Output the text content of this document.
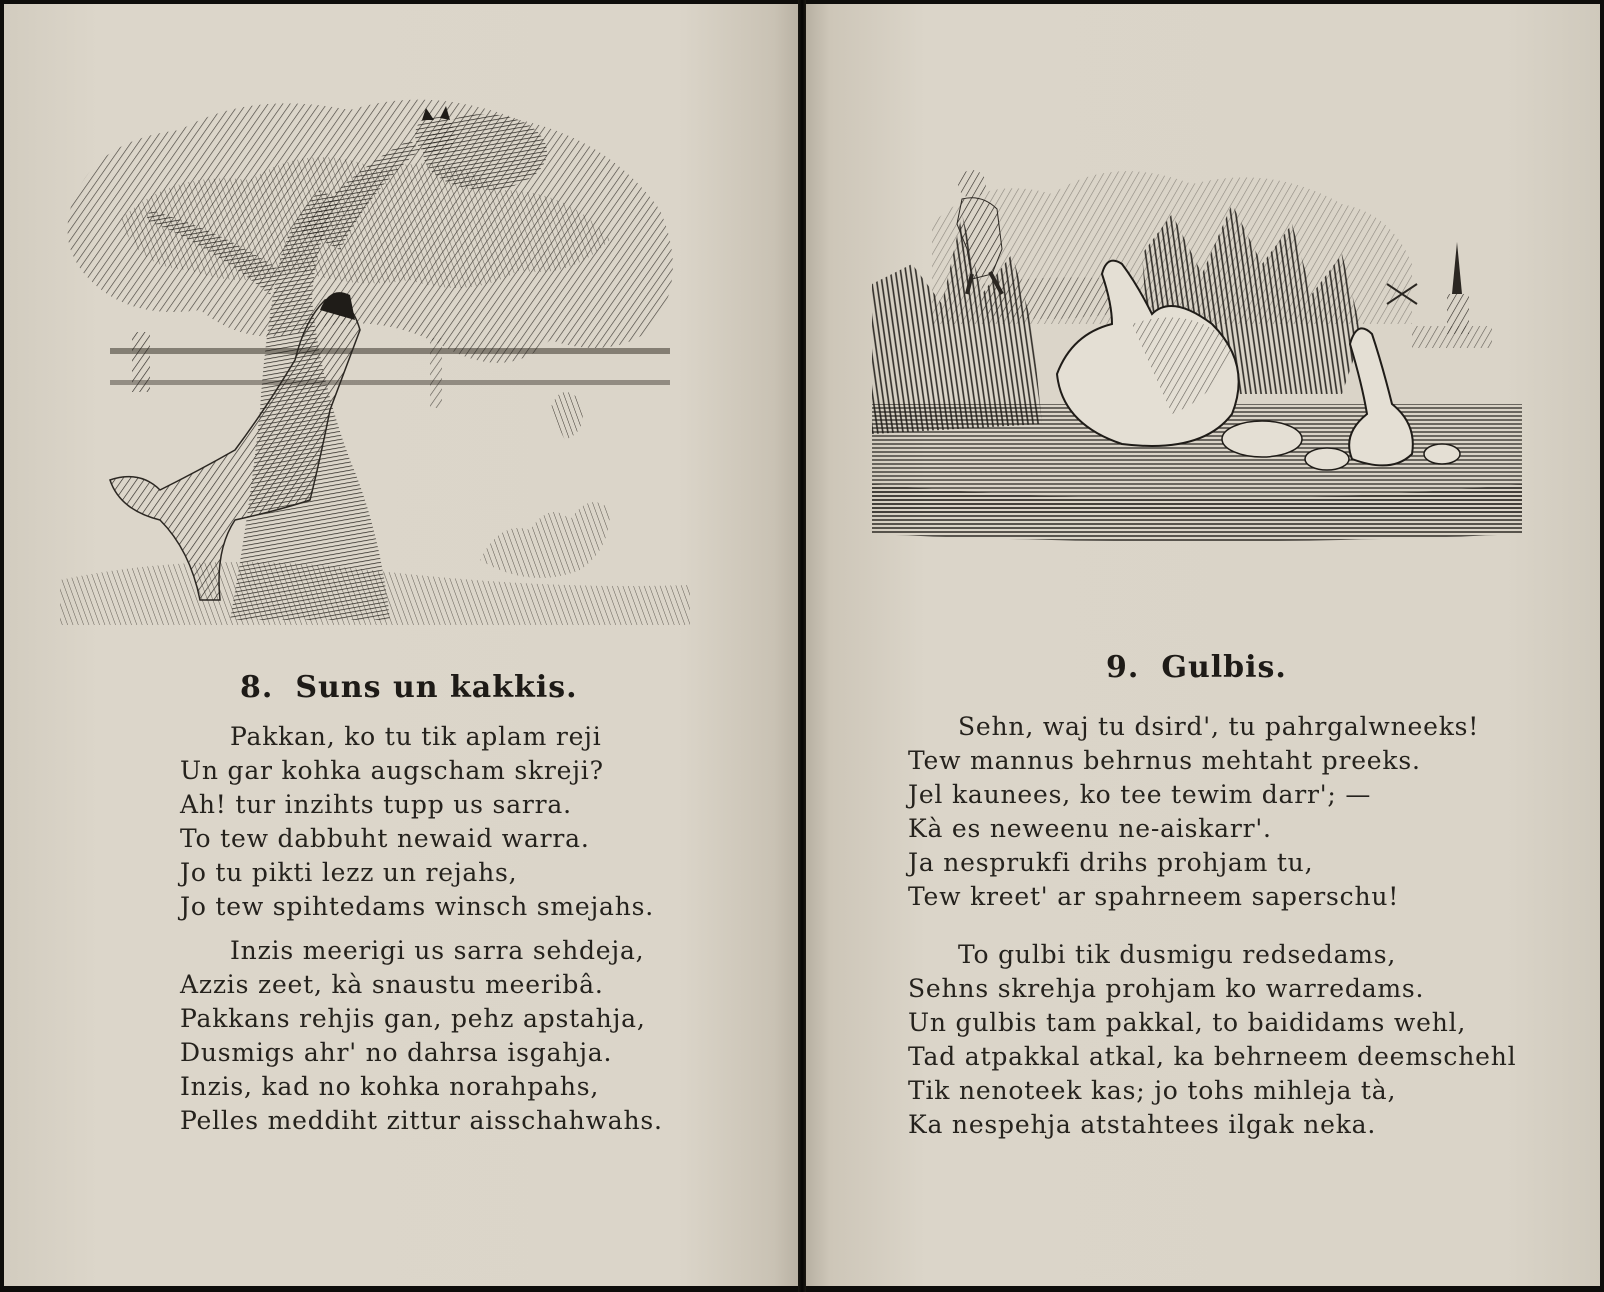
8. Suns un kakkis.
Pakkan, ko tu tik aplam reji
Un gar kohka augscham skreji?
Ah! tur inzihts tupp us sarra.
To tew dabbuht newaid warra.
Jo tu pikti lezz un rejahs,
Jo tew spihtedams winsch smejahs.
Inzis meerigi us sarra sehdeja,
Azzis zeet, kà snaustu meeribâ.
Pakkans rehjis gan, pehz apstahja,
Dusmigs ahr' no dahrsa isgahja.
Inzis, kad no kohka norahpahs,
Pelles meddiht zittur aisschahwahs.
9. Gulbis.
Sehn, waj tu dsird', tu pahrgalwneeks!
Tew mannus behrnus mehtaht preeks.
Jel kaunees, ko tee tewim darr'; —
Kà es neweenu ne-aiskarr'.
Ja nesprukfi drihs prohjam tu,
Tew kreet' ar spahrneem saperschu!
To gulbi tik dusmigu redsedams,
Sehns skrehja prohjam ko warredams.
Un gulbis tam pakkal, to baididams wehl,
Tad atpakkal atkal, ka behrneem deemschehl
Tik nenoteek kas; jo tohs mihleja tà,
Ka nespehja atstahtees ilgak neka.
